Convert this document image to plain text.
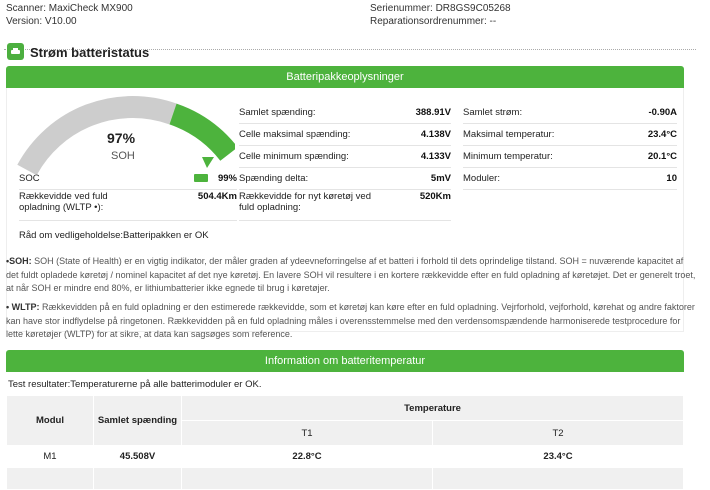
Scanner: MaxiCheck MX900
Version: V10.00
Serienummer: DR8GS9C05268
Reparationsordrenummer: --
Strøm batteristatus
Batteripakkeoplysninger
97%
SOH
SOC	99%
Rækkevidde ved fuld opladning (WLTP •):
504.4Km
Råd om vedligeholdelse:Batteripakken er OK
Samlet spænding:	388.91V
Celle maksimal spænding:	4.138V
Celle minimum spænding:	4.133V
Spænding delta:	5mV
Rækkevidde for nyt køretøj ved fuld opladning:
520Km
Samlet strøm:	-0.90A
Maksimal temperatur:	23.4°C
Minimum temperatur:	20.1°C
Moduler:	10
•SOH: SOH (State of Health) er en vigtig indikator, der måler graden af ydeevneforringelse af et batteri i forhold til dets oprindelige tilstand. SOH = nuværende kapacitet af det fuldt opladede køretøj / nominel kapacitet af det nye køretøj. En lavere SOH vil resultere i en kortere rækkevidde efter en fuld opladning af køretøjet. Det er generelt troet, at når SOH er mindre end 80%, er lithiumbatterier ikke egnede til brug i køretøjer.
• WLTP: Rækkevidden på en fuld opladning er den estimerede rækkevidde, som et køretøj kan køre efter en fuld opladning. Vejrforhold, vejforhold, kørehat og andre faktorer kan have stor indflydelse på ringetonen. Rækkevidden på en fuld opladning måles i overensstemmelse med den verdensomspændende harmoniserede testprocedure for lette køretøjer (WLTP) for at sikre, at data kan sagsøges som reference.
Information om batteritemperatur
Test resultater:Temperaturerne på alle batterimoduler er OK.
Modul	Samlet spænding	Temperature	
		T1	T2
M1	45.508V	22.8°C	23.4°C
